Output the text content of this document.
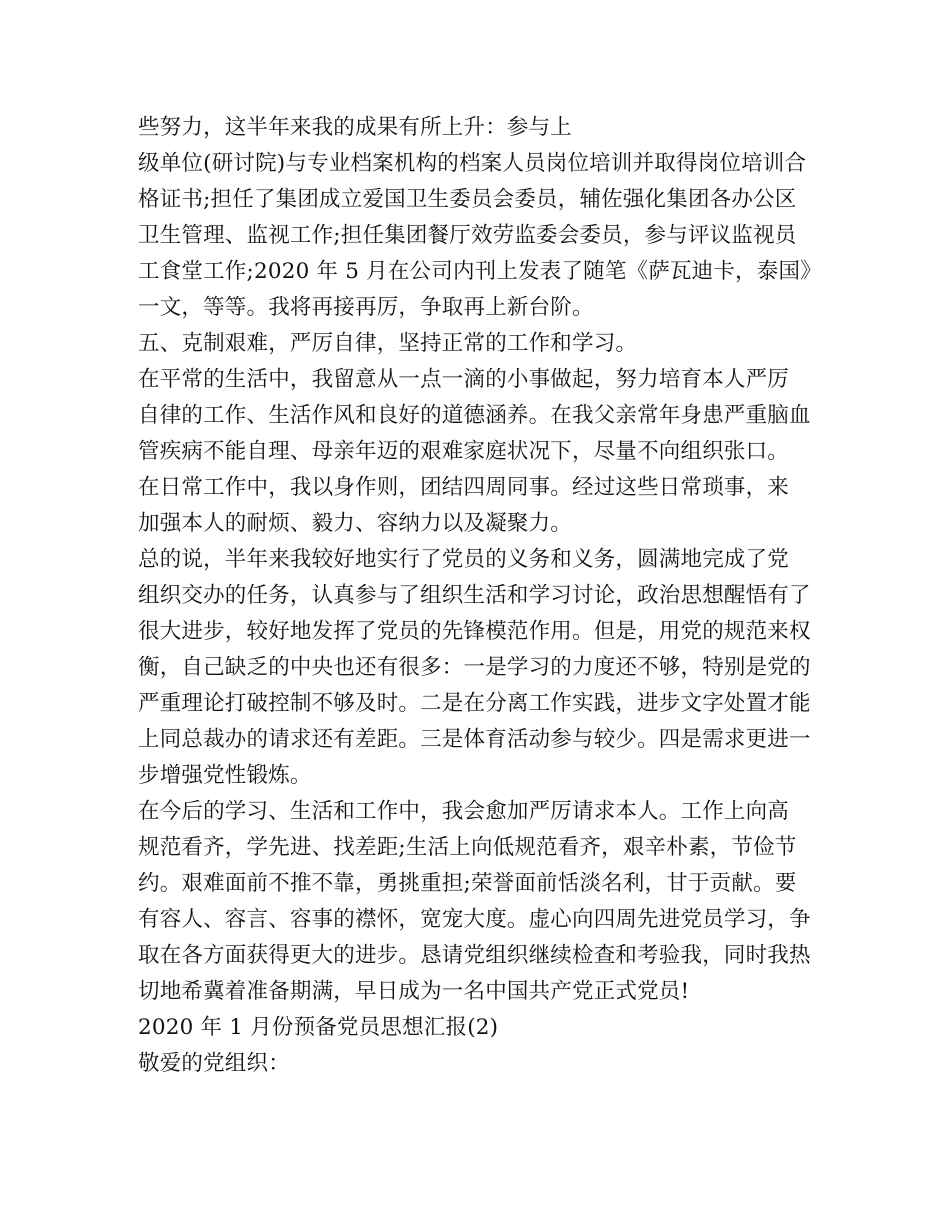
些努力，这半年来我的成果有所上升：参与上
级单位(研讨院)与专业档案机构的档案人员岗位培训并取得岗位培训合
格证书;担任了集团成立爱国卫生委员会委员，辅佐强化集团各办公区
卫生管理、监视工作;担任集团餐厅效劳监委会委员，参与评议监视员
工食堂工作;2020 年 5 月在公司内刊上发表了随笔《萨瓦迪卡，泰国》
一文，等等。我将再接再厉，争取再上新台阶。
五、克制艰难，严厉自律，坚持正常的工作和学习。
在平常的生活中，我留意从一点一滴的小事做起，努力培育本人严厉
自律的工作、生活作风和良好的道德涵养。在我父亲常年身患严重脑血
管疾病不能自理、母亲年迈的艰难家庭状况下，尽量不向组织张口。
在日常工作中，我以身作则，团结四周同事。经过这些日常琐事，来
加强本人的耐烦、毅力、容纳力以及凝聚力。
总的说，半年来我较好地实行了党员的义务和义务，圆满地完成了党
组织交办的任务，认真参与了组织生活和学习讨论，政治思想醒悟有了
很大进步，较好地发挥了党员的先锋模范作用。但是，用党的规范来权
衡，自己缺乏的中央也还有很多：一是学习的力度还不够，特别是党的
严重理论打破控制不够及时。二是在分离工作实践，进步文字处置才能
上同总裁办的请求还有差距。三是体育活动参与较少。四是需求更进一
步增强党性锻炼。
在今后的学习、生活和工作中，我会愈加严厉请求本人。工作上向高
规范看齐，学先进、找差距;生活上向低规范看齐，艰辛朴素，节俭节
约。艰难面前不推不靠，勇挑重担;荣誉面前恬淡名利，甘于贡献。要
有容人、容言、容事的襟怀，宽宠大度。虚心向四周先进党员学习，争
取在各方面获得更大的进步。恳请党组织继续检查和考验我，同时我热
切地希冀着准备期满，早日成为一名中国共产党正式党员!
2020 年 1 月份预备党员思想汇报(2)
敬爱的党组织：
